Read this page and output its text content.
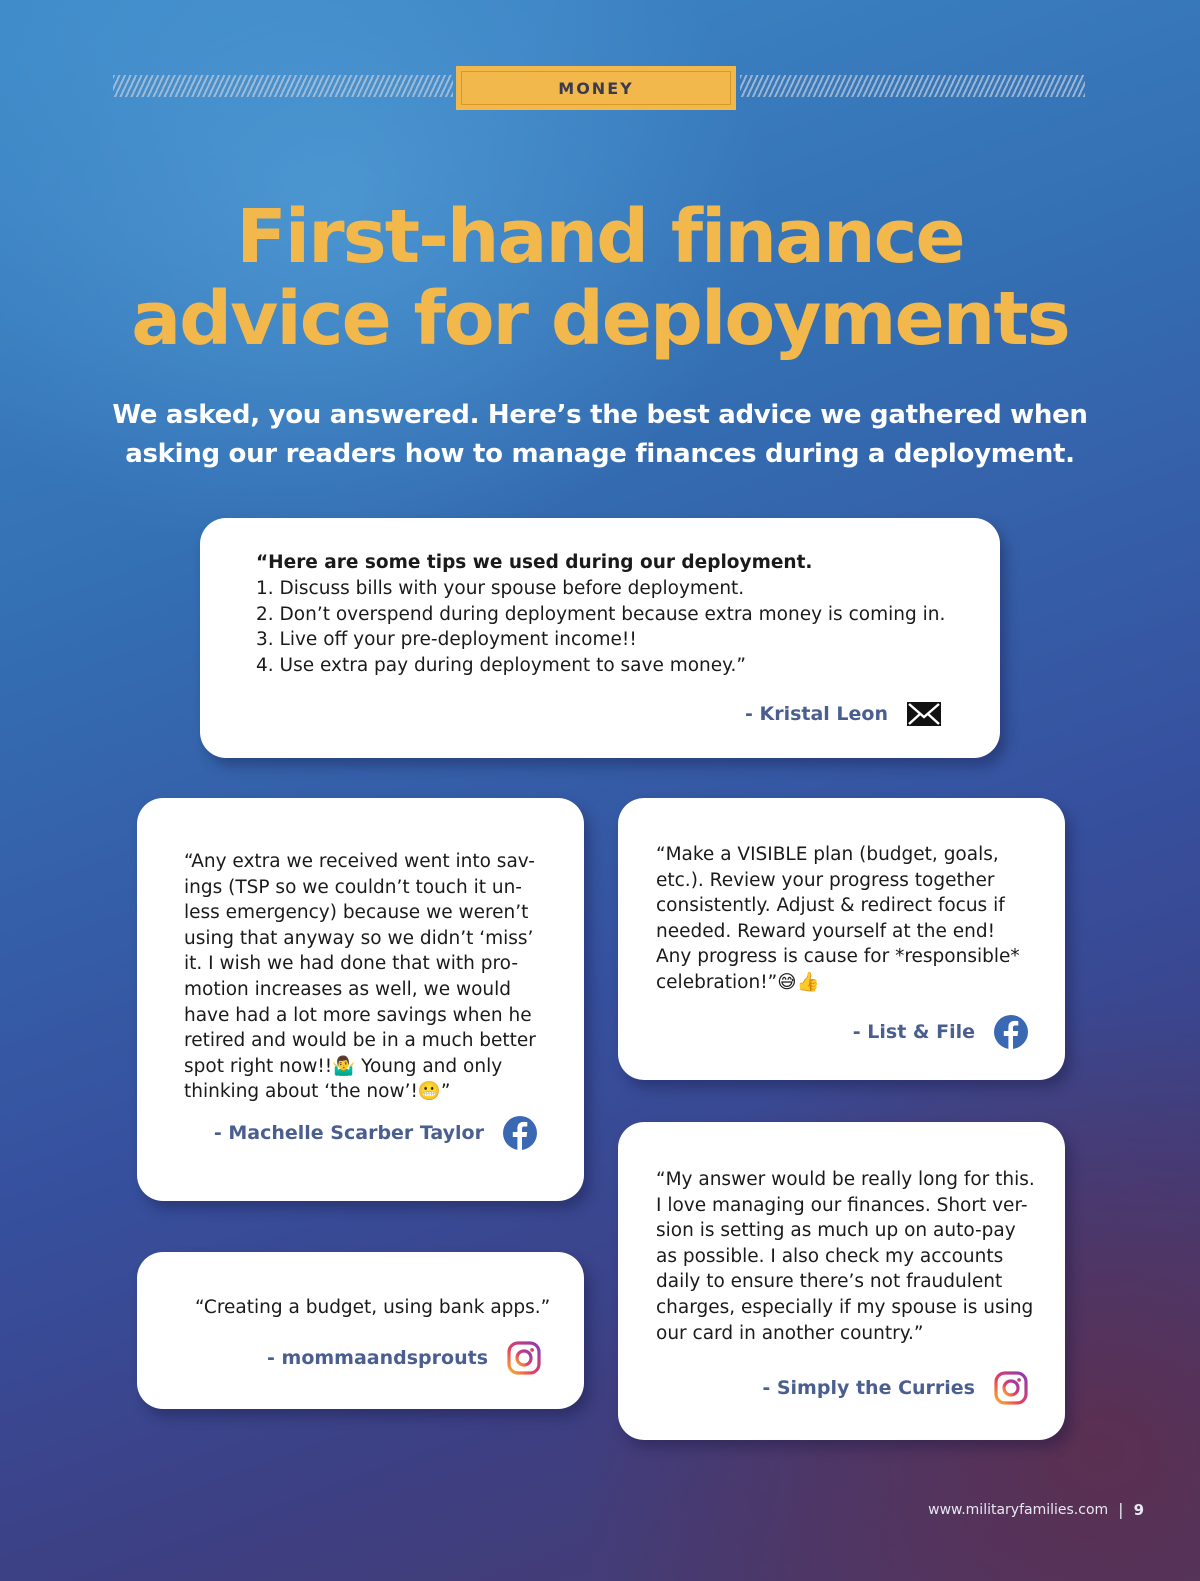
MONEY
First-hand finance
advice for deployments

We asked, you answered. Here’s the best advice we gathered when
asking our readers how to manage finances during a deployment.

“Here are some tips we used during our deployment.
1. Discuss bills with your spouse before deployment.
2. Don’t overspend during deployment because extra money is coming in.
3. Live off your pre-deployment income!!
4. Use extra pay during deployment to save money.”

- Kristal Leon

“Any extra we received went into sav-
ings (TSP so we couldn’t touch it un-
less emergency) because we weren’t
using that anyway so we didn’t ‘miss’
it. I wish we had done that with pro-
motion increases as well, we would
have had a lot more savings when he
retired and would be in a much better
spot right now!!🤷‍♂️ Young and only
thinking about ‘the now’!😬”

- Machelle Scarber Taylor

“Make a VISIBLE plan (budget, goals,
etc.). Review your progress together
consistently. Adjust & redirect focus if
needed. Reward yourself at the end!
Any progress is cause for *responsible*
celebration!”😅👍

- List & File

“Creating a budget, using bank apps.”

- mommaandsprouts

“My answer would be really long for this.
I love managing our finances. Short ver-
sion is setting as much up on auto-pay
as possible. I also check my accounts
daily to ensure there’s not fraudulent
charges, especially if my spouse is using
our card in another country.”

- Simply the Curries
www.militaryfamilies.com | 9
